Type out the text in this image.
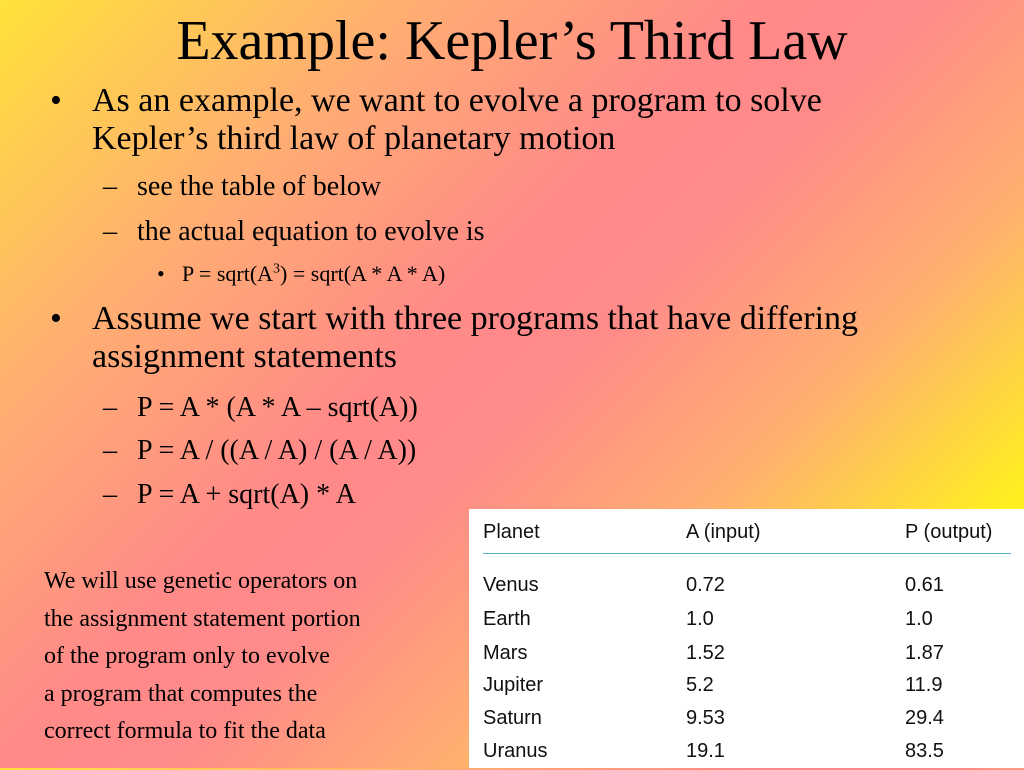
Example: Kepler’s Third Law
• As an example, we want to evolve a program to solve Kepler’s third law of planetary motion
– see the table of below
– the actual equation to evolve is
• $P = sqrt(A^3)$ = sqrt(A * A * A)
• Assume we start with three programs that have differing assignment statements
– P = A * (A * A – sqrt(A))
– P = A / ((A / A) / (A / A))
– P = A + sqrt(A) * A
We will use genetic operators on
the assignment statement portion
of the program only to evolve
a program that computes the
correct formula to fit the data
Planet	A (input)	P (output)
Venus	0.72	0.61
Earth	1.0	1.0
Mars	1.52	1.87
Jupiter	5.2	11.9
Saturn	9.53	29.4
Uranus	19.1	83.5
